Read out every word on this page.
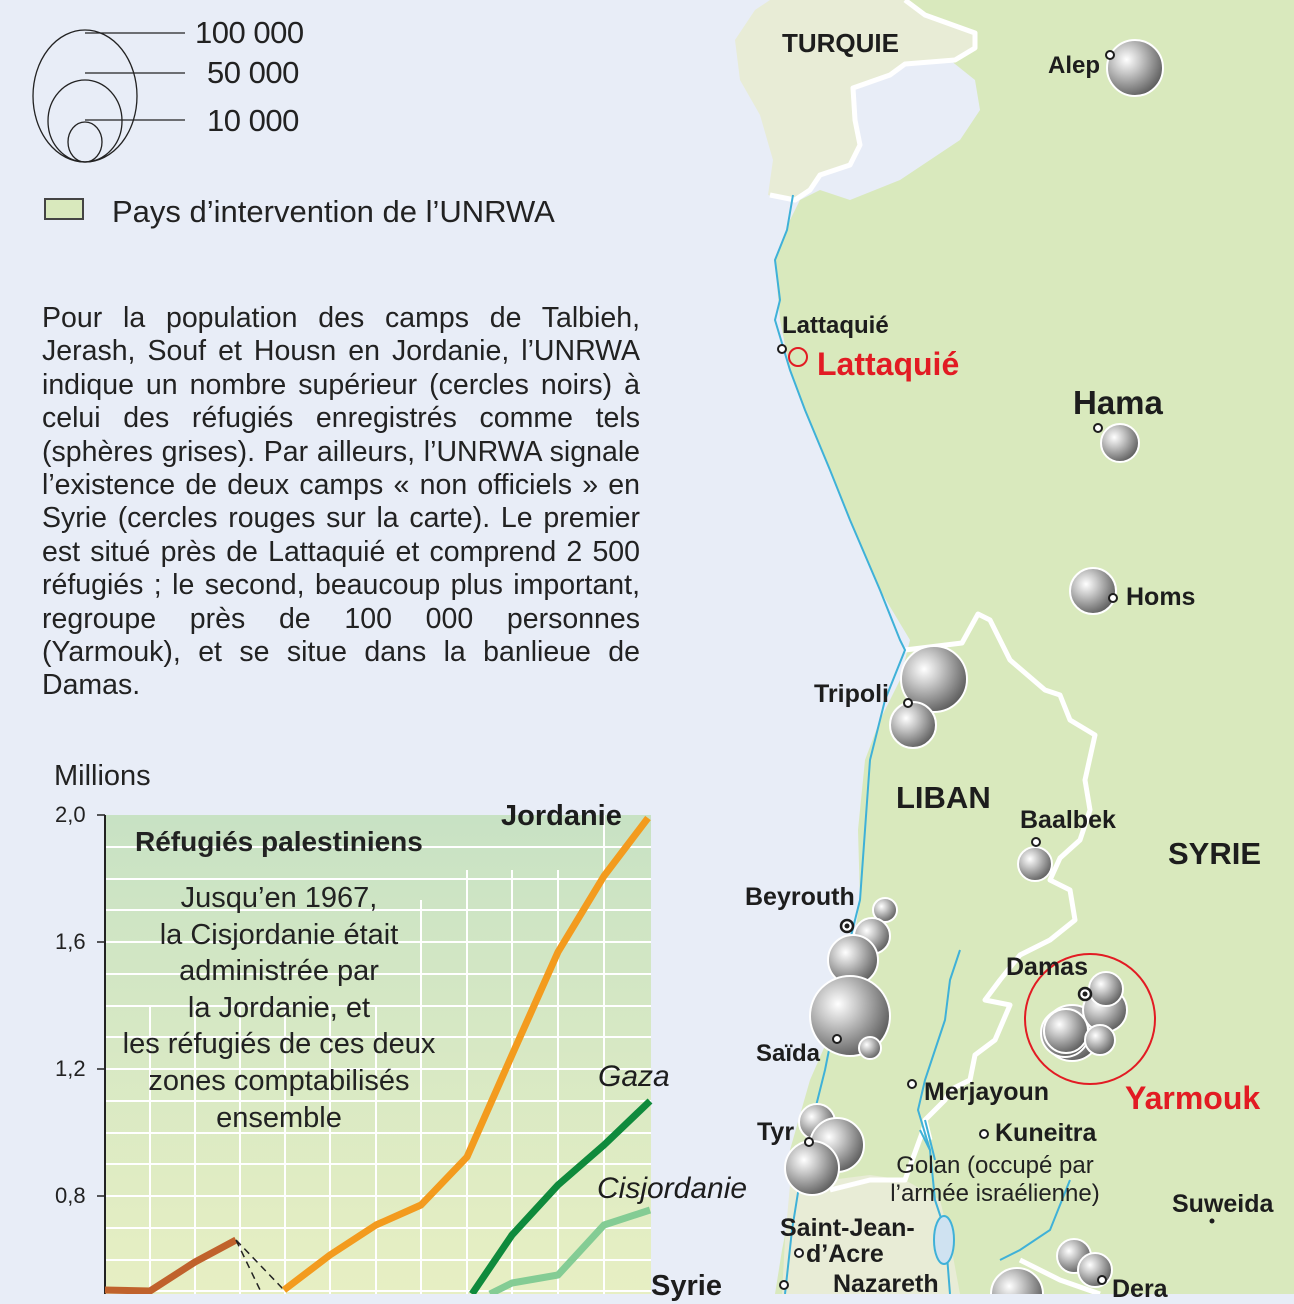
100 000
50 000
10 000
Pays d’intervention de l’UNRWA
Pour la population des camps de Talbieh, Jerash, Souf et Housn en Jordanie, l’UNRWA indique un nombre supérieur (cercles noirs) à celui des réfugiés enregistrés comme tels (sphères grises). Par ailleurs, l’UNRWA signale l’existence de deux camps « non officiels » en Syrie (cercles rouges sur la carte). Le premier est situé près de Lattaquié et comprend 2 500 réfugiés ; le second, beaucoup plus important, regroupe près de 100 000 personnes (Yarmouk), et se situe dans la banlieue de Damas.
TURQUIE
LIBAN
SYRIE
Alep
Lattaquié
Lattaquié
Hama
Homs
Tripoli
Baalbek
Beyrouth
Damas
Saïda
Merjayoun Yarmouk
Tyr	Kuneitra
Golan (occupé par
l’armée israélienne)	Suweida
Saint-Jean-
d’Acre
Nazareth	Dera
Millions
2,0
1,6
1,2
0,8
Réfugiés palestiniens
Jusqu’en 1967,
la Cisjordanie était
administrée par
la Jordanie, et
les réfugiés de ces deux
zones comptabilisés
ensemble
Jordanie
Gaza
Cisjordanie
Syrie
